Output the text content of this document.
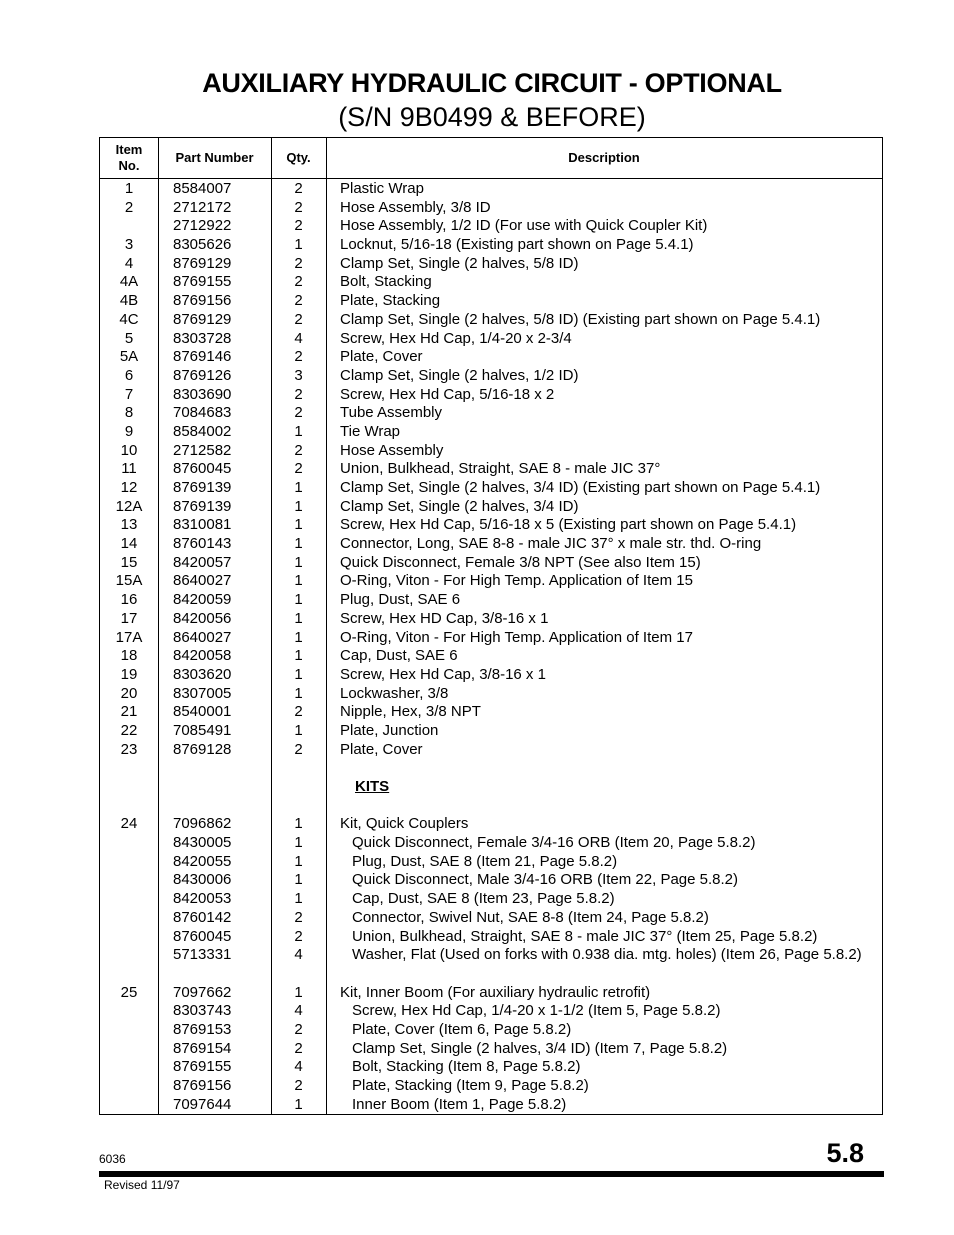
AUXILIARY HYDRAULIC CIRCUIT - OPTIONAL
(S/N 9B0499 & BEFORE)
Item
No.
Part Number	Qty.	Description
1	8584007	2	Plastic Wrap
2	2712172	2	Hose Assembly, 3/8 ID
2712922	2	Hose Assembly, 1/2 ID (For use with Quick Coupler Kit)
3	8305626	1	Locknut, 5/16-18 (Existing part shown on Page 5.4.1)
4	8769129	2	Clamp Set, Single (2 halves, 5/8 ID)
4A	8769155	2	Bolt, Stacking
4B	8769156	2	Plate, Stacking
4C	8769129	2	Clamp Set, Single (2 halves, 5/8 ID) (Existing part shown on Page 5.4.1)
5	8303728	4	Screw, Hex Hd Cap, 1/4-20 x 2-3/4
5A	8769146	2	Plate, Cover
6	8769126	3	Clamp Set, Single (2 halves, 1/2 ID)
7	8303690	2	Screw, Hex Hd Cap, 5/16-18 x 2
8	7084683	2	Tube Assembly
9	8584002	1	Tie Wrap
10	2712582	2	Hose Assembly
11	8760045	2	Union, Bulkhead, Straight, SAE 8 - male JIC 37°
12	8769139	1	Clamp Set, Single (2 halves, 3/4 ID) (Existing part shown on Page 5.4.1)
12A	8769139	1	Clamp Set, Single (2 halves, 3/4 ID)
13	8310081	1	Screw, Hex Hd Cap, 5/16-18 x 5 (Existing part shown on Page 5.4.1)
14	8760143	1	Connector, Long, SAE 8-8 - male JIC 37° x male str. thd. O-ring
15	8420057	1	Quick Disconnect, Female 3/8 NPT (See also Item 15)
15A	8640027	1	O-Ring, Viton - For High Temp. Application of Item 15
16	8420059	1	Plug, Dust, SAE 6
17	8420056	1	Screw, Hex HD Cap, 3/8-16 x 1
17A	8640027	1	O-Ring, Viton - For High Temp. Application of Item 17
18	8420058	1	Cap, Dust, SAE 6
19	8303620	1	Screw, Hex Hd Cap, 3/8-16 x 1
20	8307005	1	Lockwasher, 3/8
21	8540001	2	Nipple, Hex, 3/8 NPT
22	7085491	1	Plate, Junction
23	8769128	2	Plate, Cover
KITS
24	7096862	1	Kit, Quick Couplers
8430005	1	Quick Disconnect, Female 3/4-16 ORB (Item 20, Page 5.8.2)
8420055	1	Plug, Dust, SAE 8 (Item 21, Page 5.8.2)
8430006	1	Quick Disconnect, Male 3/4-16 ORB (Item 22, Page 5.8.2)
8420053	1	Cap, Dust, SAE 8 (Item 23, Page 5.8.2)
8760142	2	Connector, Swivel Nut, SAE 8-8 (Item 24, Page 5.8.2)
8760045	2	Union, Bulkhead, Straight, SAE 8 - male JIC 37° (Item 25, Page 5.8.2)
5713331	4	Washer, Flat (Used on forks with 0.938 dia. mtg. holes) (Item 26, Page 5.8.2)
25	7097662	1	Kit, Inner Boom (For auxiliary hydraulic retrofit)
8303743	4	Screw, Hex Hd Cap, 1/4-20 x 1-1/2 (Item 5, Page 5.8.2)
8769153	2	Plate, Cover (Item 6, Page 5.8.2)
8769154	2	Clamp Set, Single (2 halves, 3/4 ID) (Item 7, Page 5.8.2)
8769155	4	Bolt, Stacking (Item 8, Page 5.8.2)
8769156	2	Plate, Stacking (Item 9, Page 5.8.2)
7097644	1	Inner Boom (Item 1, Page 5.8.2)
6036	5.8
Revised 11/97
